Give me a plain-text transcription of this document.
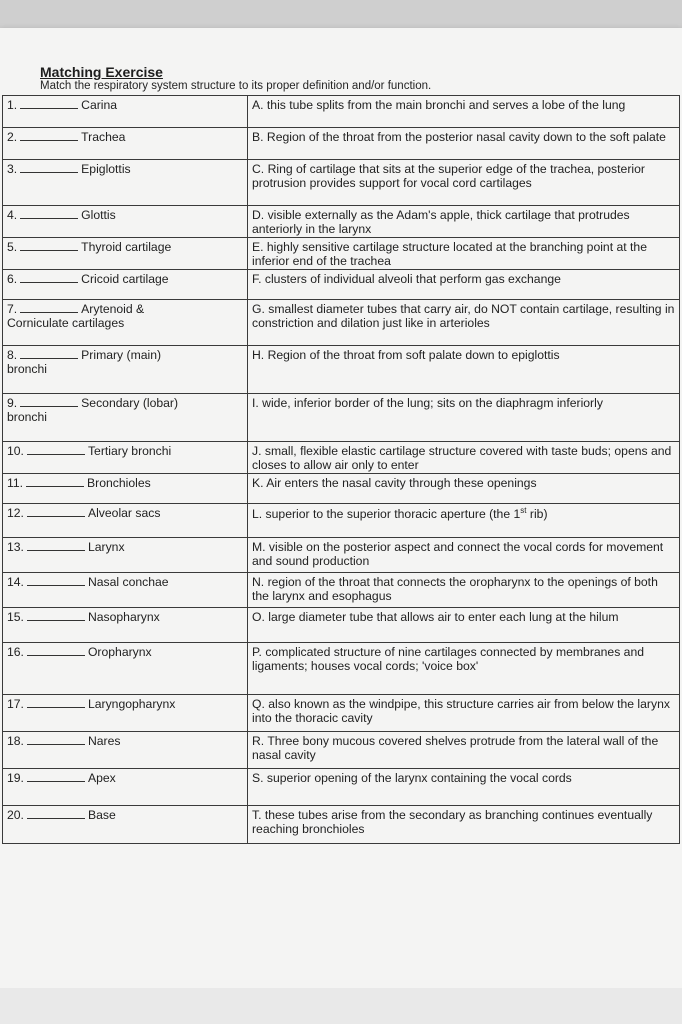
Matching Exercise
Match the respiratory system structure to its proper definition and/or function.
1. Carina	A. this tube splits from the main bronchi and serves a lobe of the lung
2. Trachea	B. Region of the throat from the posterior nasal cavity down to the soft palate
3. Epiglottis	C. Ring of cartilage that sits at the superior edge of the trachea, posterior protrusion provides support for vocal cord cartilages
4. Glottis	D. visible externally as the Adam's apple, thick cartilage that protrudes anteriorly in the larynx
5. Thyroid cartilage	E. highly sensitive cartilage structure located at the branching point at the inferior end of the trachea
6. Cricoid cartilage	F. clusters of individual alveoli that perform gas exchange
7. Arytenoid &
Corniculate cartilages	G. smallest diameter tubes that carry air, do NOT contain cartilage, resulting in constriction and dilation just like in arterioles
8. Primary (main)
bronchi	H. Region of the throat from soft palate down to epiglottis
9. Secondary (lobar)
bronchi	I. wide, inferior border of the lung; sits on the diaphragm inferiorly
10. Tertiary bronchi	J. small, flexible elastic cartilage structure covered with taste buds; opens and closes to allow air only to enter
11. Bronchioles	K. Air enters the nasal cavity through these openings
12. Alveolar sacs	L. superior to the superior thoracic aperture (the 1st rib)
13. Larynx	M. visible on the posterior aspect and connect the vocal cords for movement and sound production
14. Nasal conchae	N. region of the throat that connects the oropharynx to the openings of both the larynx and esophagus
15. Nasopharynx	O. large diameter tube that allows air to enter each lung at the hilum
16. Oropharynx	P. complicated structure of nine cartilages connected by membranes and ligaments; houses vocal cords; 'voice box'
17. Laryngopharynx	Q. also known as the windpipe, this structure carries air from below the larynx into the thoracic cavity
18. Nares	R. Three bony mucous covered shelves protrude from the lateral wall of the nasal cavity
19. Apex	S. superior opening of the larynx containing the vocal cords
20. Base	T. these tubes arise from the secondary as branching continues eventually reaching bronchioles
